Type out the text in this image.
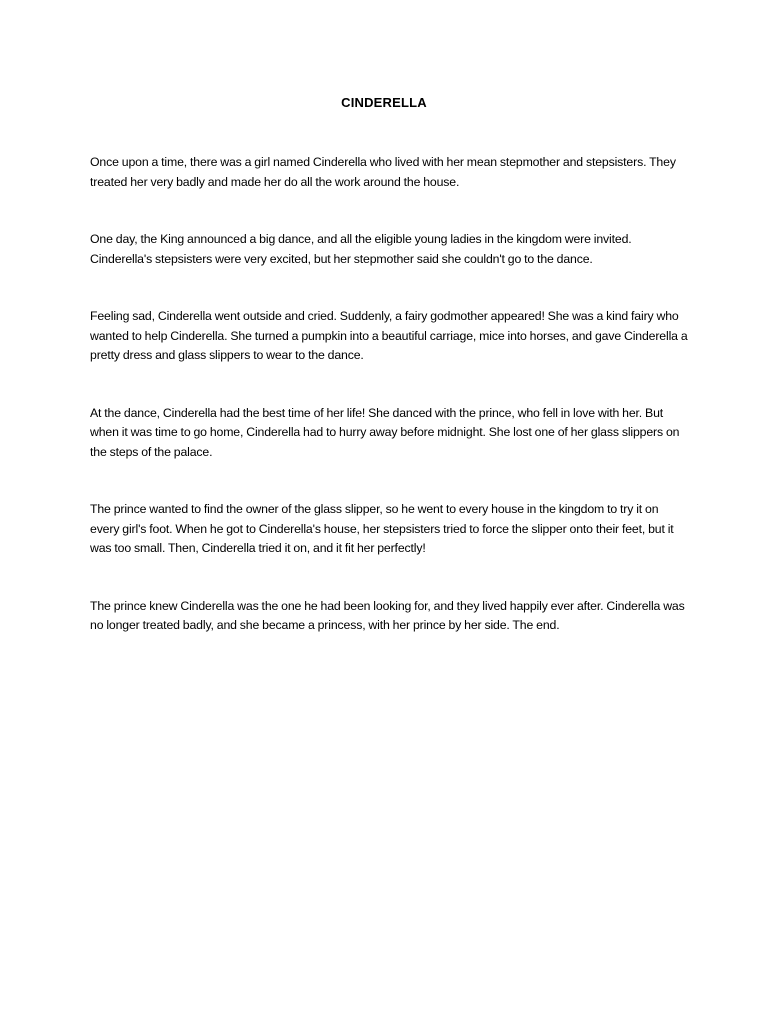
CINDERELLA

Once upon a time, there was a girl named Cinderella who lived with her mean stepmother and stepsisters. They treated her very badly and made her do all the work around the house.

One day, the King announced a big dance, and all the eligible young ladies in the kingdom were invited. Cinderella's stepsisters were very excited, but her stepmother said she couldn't go to the dance.

Feeling sad, Cinderella went outside and cried. Suddenly, a fairy godmother appeared! She was a kind fairy who wanted to help Cinderella. She turned a pumpkin into a beautiful carriage, mice into horses, and gave Cinderella a pretty dress and glass slippers to wear to the dance.

At the dance, Cinderella had the best time of her life! She danced with the prince, who fell in love with her. But when it was time to go home, Cinderella had to hurry away before midnight. She lost one of her glass slippers on the steps of the palace.

The prince wanted to find the owner of the glass slipper, so he went to every house in the kingdom to try it on every girl's foot. When he got to Cinderella's house, her stepsisters tried to force the slipper onto their feet, but it was too small. Then, Cinderella tried it on, and it fit her perfectly!

The prince knew Cinderella was the one he had been looking for, and they lived happily ever after. Cinderella was no longer treated badly, and she became a princess, with her prince by her side. The end.
